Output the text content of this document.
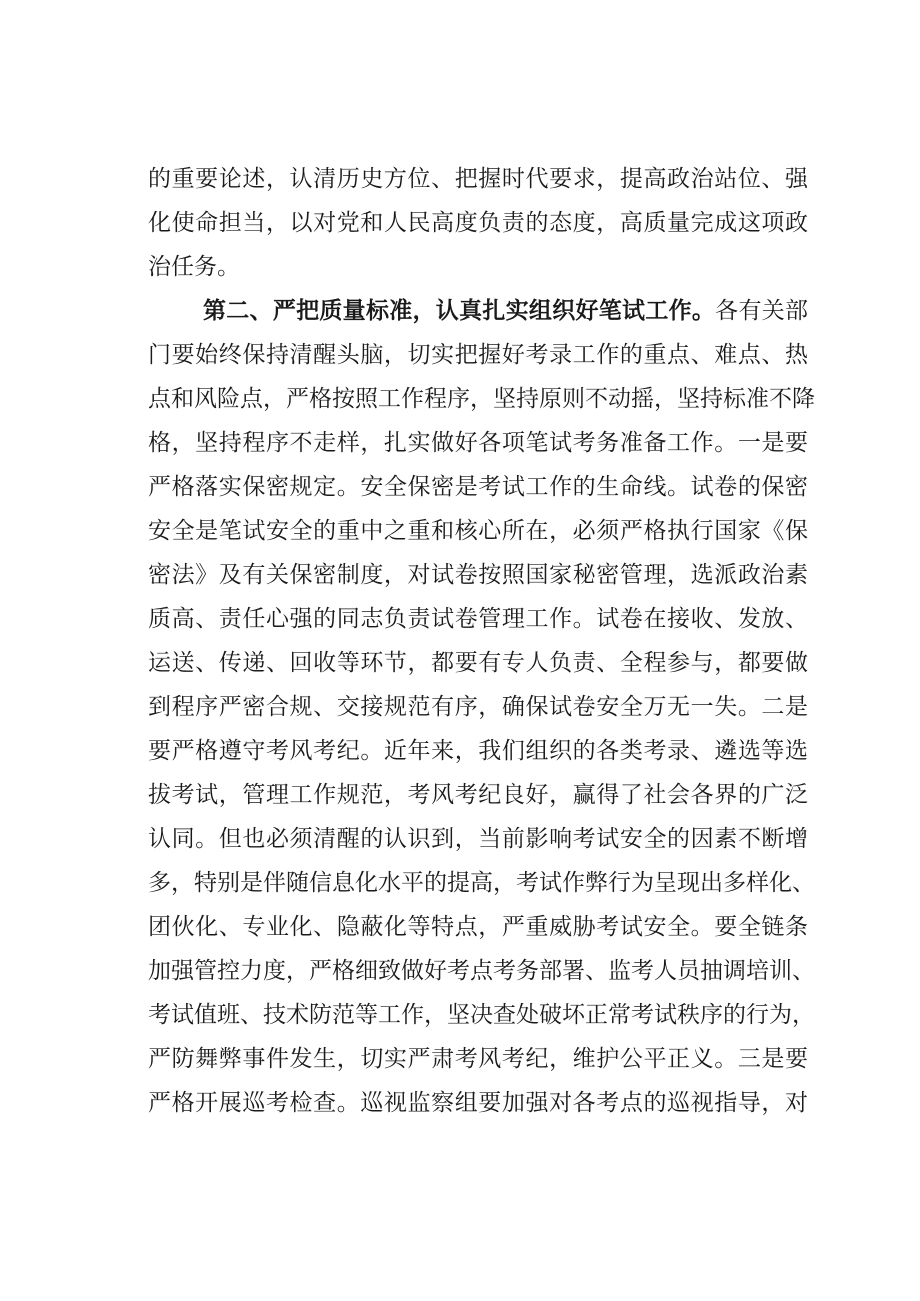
的重要论述，认清历史方位、把握时代要求，提高政治站位、强
化使命担当，以对党和人民高度负责的态度，高质量完成这项政
治任务。
第二、严把质量标准，认真扎实组织好笔试工作。各有关部
门要始终保持清醒头脑，切实把握好考录工作的重点、难点、热
点和风险点，严格按照工作程序，坚持原则不动摇，坚持标准不降
格，坚持程序不走样，扎实做好各项笔试考务准备工作。一是要
严格落实保密规定。安全保密是考试工作的生命线。试卷的保密
安全是笔试安全的重中之重和核心所在，必须严格执行国家《保
密法》及有关保密制度，对试卷按照国家秘密管理，选派政治素
质高、责任心强的同志负责试卷管理工作。试卷在接收、发放、
运送、传递、回收等环节，都要有专人负责、全程参与，都要做
到程序严密合规、交接规范有序，确保试卷安全万无一失。二是
要严格遵守考风考纪。近年来，我们组织的各类考录、遴选等选
拔考试，管理工作规范，考风考纪良好，赢得了社会各界的广泛
认同。但也必须清醒的认识到，当前影响考试安全的因素不断增
多，特别是伴随信息化水平的提高，考试作弊行为呈现出多样化、
团伙化、专业化、隐蔽化等特点，严重威胁考试安全。要全链条
加强管控力度，严格细致做好考点考务部署、监考人员抽调培训、
考试值班、技术防范等工作，坚决查处破坏正常考试秩序的行为，
严防舞弊事件发生，切实严肃考风考纪，维护公平正义。三是要
严格开展巡考检查。巡视监察组要加强对各考点的巡视指导，对
